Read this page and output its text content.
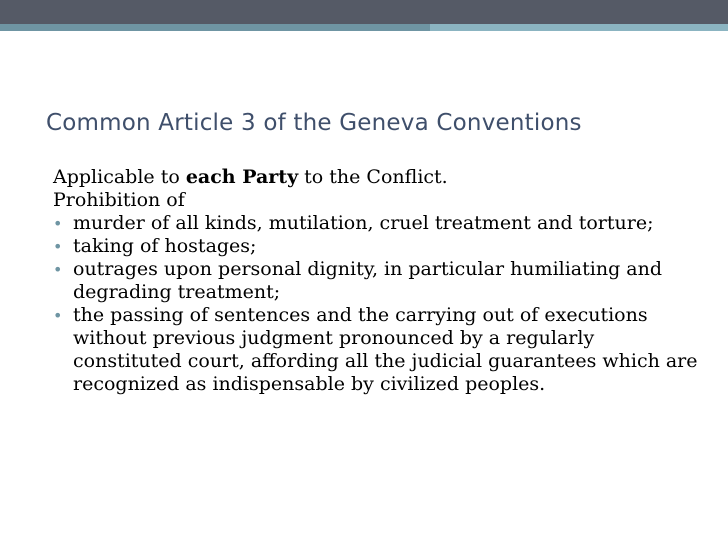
Common Article 3 of the Geneva Conventions

Applicable to each Party to the Conflict.

Prohibition of

• murder of all kinds, mutilation, cruel treatment and torture;
• taking of hostages;
• outrages upon personal dignity, in particular humiliating and degrading treatment;
• the passing of sentences and the carrying out of executions without previous judgment pronounced by a regularly constituted court, affording all the judicial guarantees which are recognized as indispensable by civilized peoples.
